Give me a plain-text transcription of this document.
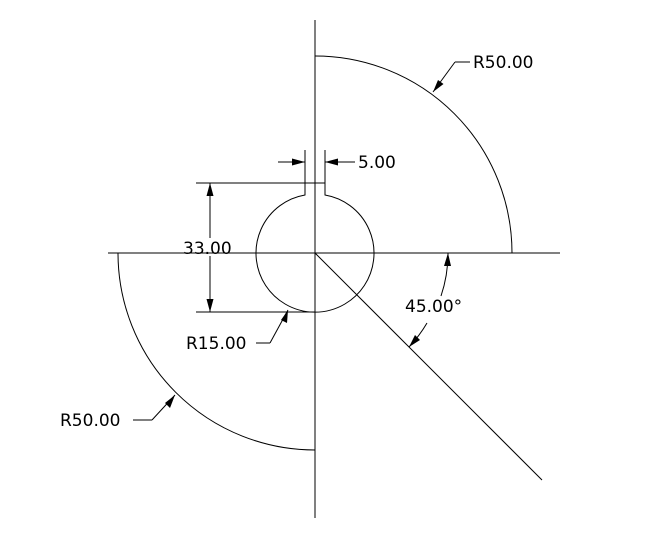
5.00
33.00
R15.00
R50.00
R50.00
45.00°
